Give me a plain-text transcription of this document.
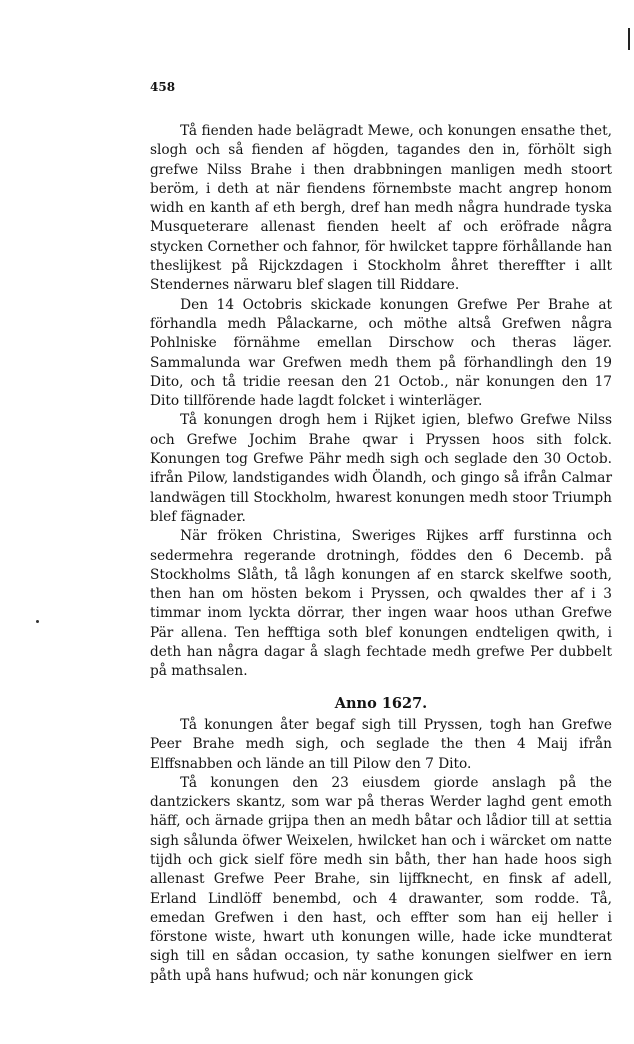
458

Tå fienden hade belägradt Mewe, och konungen ensathe thet, slogh och så fienden af högden, tagandes den in, förhölt sigh grefwe Nilss Brahe i then drabbningen manligen medh stoort beröm, i deth at när fiendens förnembste macht angrep honom widh en kanth af eth bergh, dref han medh några hundrade tyska Musqueterare allenast fienden heelt af och eröfrade några stycken Cornether och fahnor, för hwilcket tappre förhållande han theslijkest på Rijckzdagen i Stockholm åhret thereffter i allt Stendernes närwaru blef slagen till Riddare.

Den 14 Octobris skickade konungen Grefwe Per Brahe at förhandla medh Pålackarne, och möthe altså Grefwen några Pohlniske förnähme emellan Dirschow och theras läger. Sammalunda war Grefwen medh them på förhandlingh den 19 Dito, och tå tridie reesan den 21 Octob., när konungen den 17 Dito tillförende hade lagdt folcket i winterläger.

Tå konungen drogh hem i Rijket igien, blefwo Grefwe Nilss och Grefwe Jochim Brahe qwar i Pryssen hoos sith folck. Konungen tog Grefwe Pähr medh sigh och seglade den 30 Octob. ifrån Pilow, landstigandes widh Ölandh, och gingo så ifrån Calmar landwägen till Stockholm, hwarest konungen medh stoor Triumph blef fägnader.

När fröken Christina, Sweriges Rijkes arff furstinna och sedermehra regerande drotningh, föddes den 6 Decemb. på Stockholms Slåth, tå lågh konungen af en starck skelfwe sooth, then han om hösten bekom i Pryssen, och qwaldes ther af i 3 timmar inom lyckta dörrar, ther ingen waar hoos uthan Grefwe Pär allena. Ten hefftiga soth blef konungen endteligen qwith, i deth han några dagar å slagh fechtade medh grefwe Per dubbelt på mathsalen.

Anno 1627.

Tå konungen åter begaf sigh till Pryssen, togh han Grefwe Peer Brahe medh sigh, och seglade the then 4 Maij ifrån Elffsnabben och lände an till Pilow den 7 Dito.

Tå konungen den 23 eiusdem giorde anslagh på the dantzickers skantz, som war på theras Werder laghd gent emoth häff, och ärnade grijpa then an medh båtar och lådior till at settia sigh sålunda öfwer Weixelen, hwilcket han och i wärcket om natte tijdh och gick sielf före medh sin båth, ther han hade hoos sigh allenast Grefwe Peer Brahe, sin lijffknecht, en finsk af adell, Erland Lindlöff benembd, och 4 drawanter, som rodde. Tå, emedan Grefwen i den hast, och effter som han eij heller i förstone wiste, hwart uth konungen wille, hade icke mundterat sigh till en sådan occasion, ty sathe konungen sielfwer en iern påth upå hans hufwud; och när konungen gick
